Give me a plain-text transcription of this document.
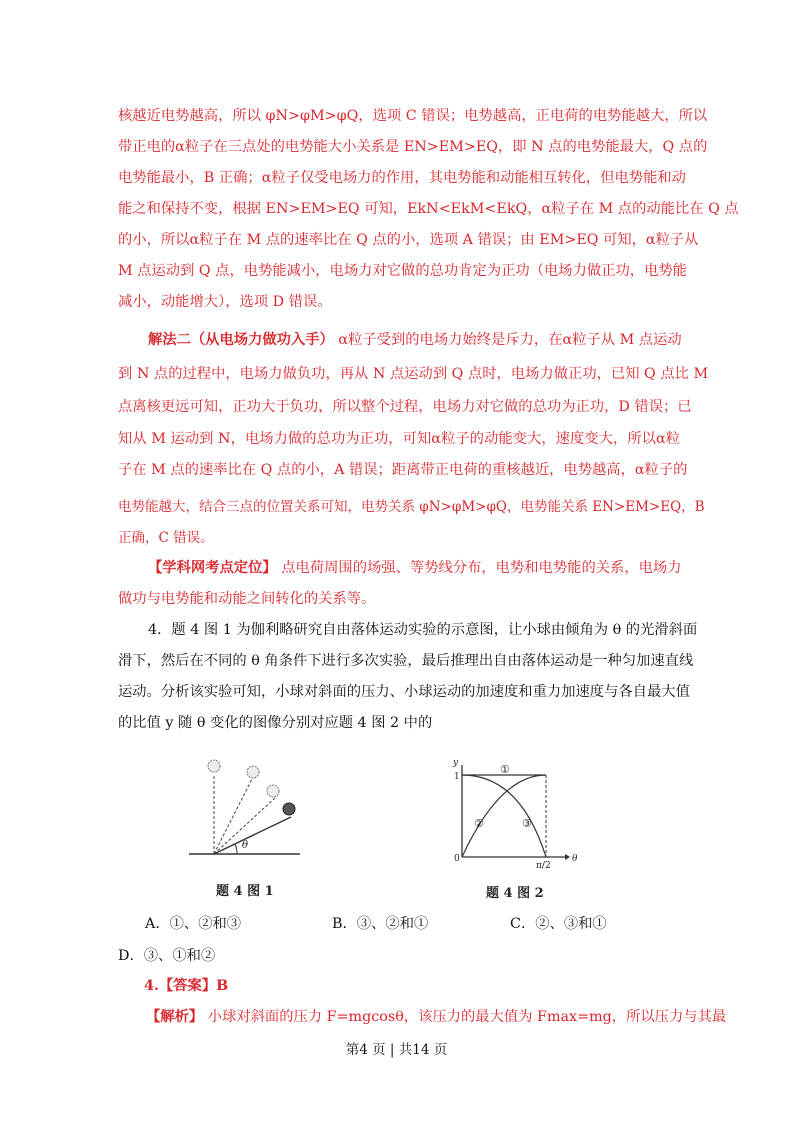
核越近电势越高，所以 φN>φM>φQ，选项 C 错误；电势越高，正电荷的电势能越大，所以
带正电的α粒子在三点处的电势能大小关系是 EN>EM>EQ，即 N 点的电势能最大，Q 点的
电势能最小，B 正确；α粒子仅受电场力的作用，其电势能和动能相互转化，但电势能和动
能之和保持不变，根据 EN>EM>EQ 可知，EkN<EkM<EkQ，α粒子在 M 点的动能比在 Q 点
的小，所以α粒子在 M 点的速率比在 Q 点的小，选项 A 错误；由 EM>EQ 可知，α粒子从
M 点运动到 Q 点，电势能减小，电场力对它做的总功肯定为正功（电场力做正功，电势能
减小，动能增大），选项 D 错误。
解法二（从电场力做功入手） α粒子受到的电场力始终是斥力，在α粒子从 M 点运动
到 N 点的过程中，电场力做负功，再从 N 点运动到 Q 点时，电场力做正功，已知 Q 点比 M
点离核更远可知，正功大于负功，所以整个过程，电场力对它做的总功为正功，D 错误；已
知从 M 运动到 N，电场力做的总功为正功，可知α粒子的动能变大，速度变大，所以α粒
子在 M 点的速率比在 Q 点的小，A 错误；距离带正电荷的重核越近，电势越高，α粒子的
电势能越大，结合三点的位置关系可知，电势关系 φN>φM>φQ，电势能关系 EN>EM>EQ，B
正确，C 错误。
【学科网考点定位】 点电荷周围的场强、等势线分布，电势和电势能的关系，电场力
做功与电势能和动能之间转化的关系等。
4．题 4 图 1 为伽利略研究自由落体运动实验的示意图，让小球由倾角为 θ 的光滑斜面
滑下，然后在不同的 θ 角条件下进行多次实验，最后推理出自由落体运动是一种匀加速直线
运动。分析该实验可知，小球对斜面的压力、小球运动的加速度和重力加速度与各自最大值
的比值 y 随 θ 变化的图像分别对应题 4 图 2 中的
θ
题 4 图 1
y
1
0
π/2
θ
①
②	③
题 4 图 2
A．①、②和③	B．③、②和①	C．②、③和①
D．③、①和②
4.【答案】B
【解析】 小球对斜面的压力 F=mgcosθ，该压力的最大值为 Fmax=mg，所以压力与其最
第4 页 | 共14 页
